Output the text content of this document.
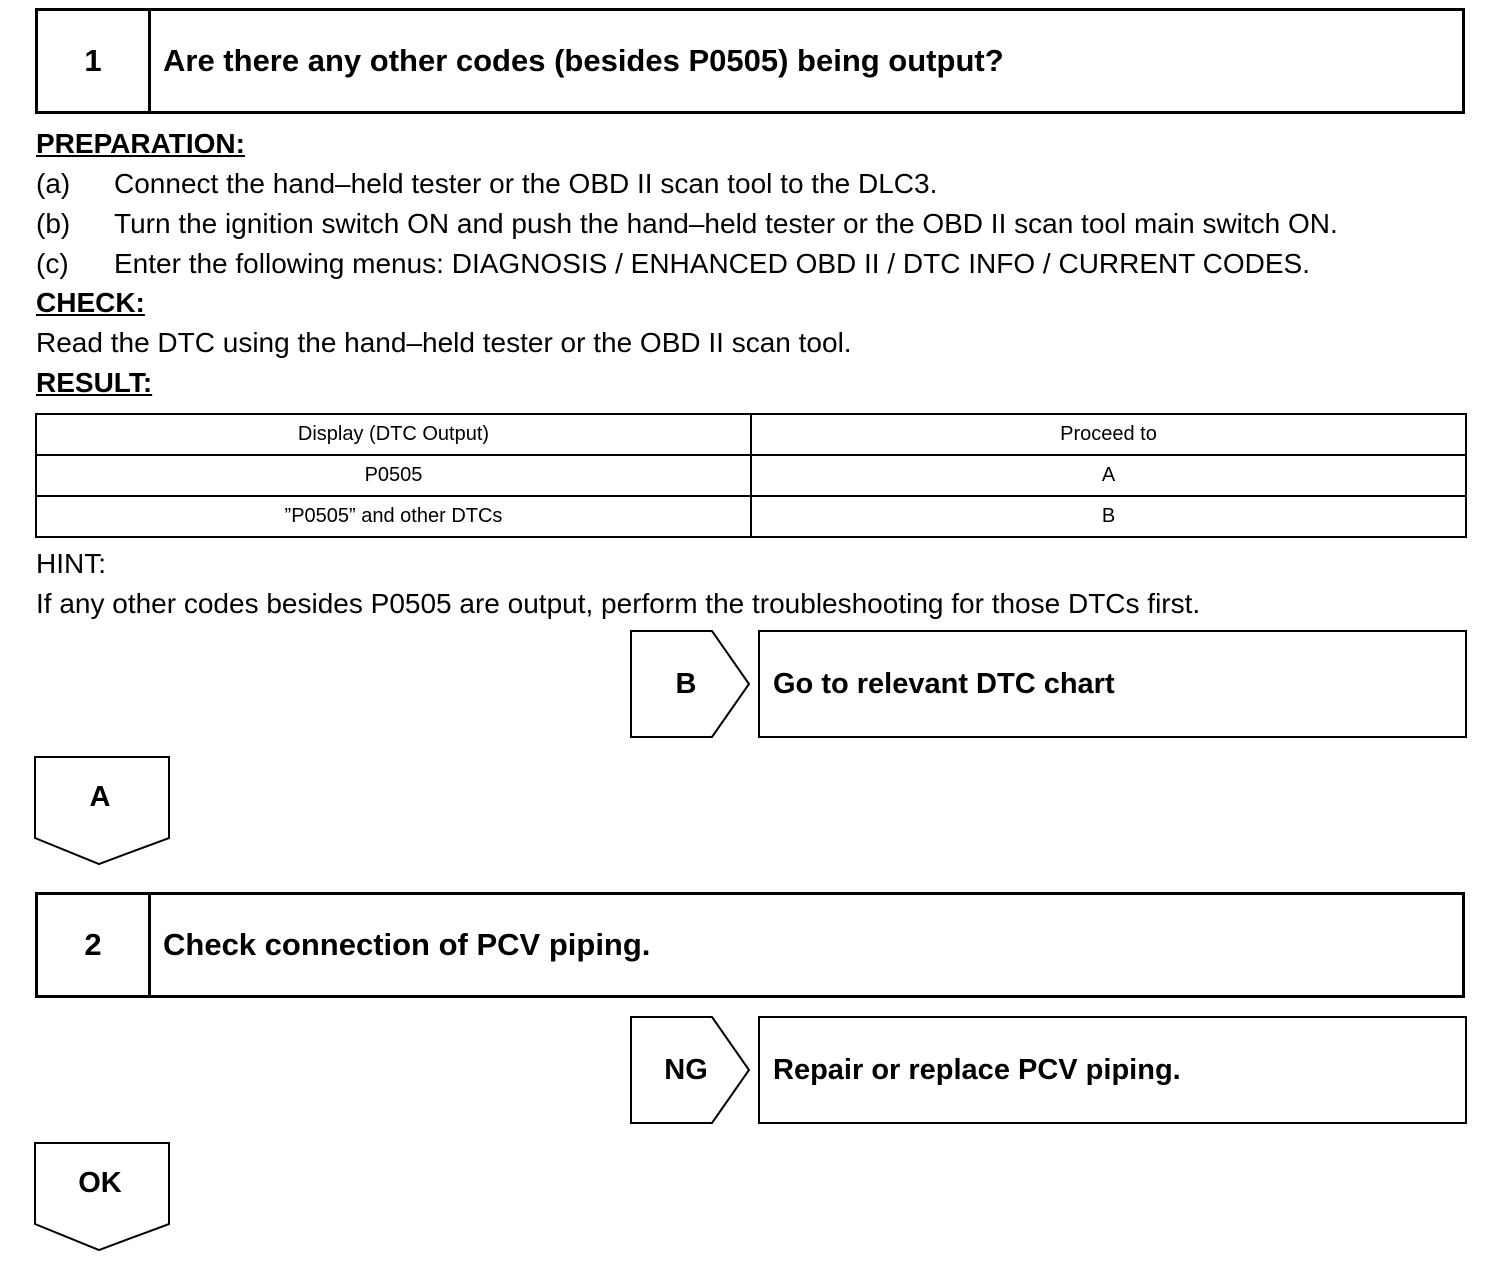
1	Are there any other codes (besides P0505) being output?
PREPARATION:
(a) Connect the hand–held tester or the OBD II scan tool to the DLC3.
(b) Turn the ignition switch ON and push the hand–held tester or the OBD II scan tool main switch ON.
(c) Enter the following menus: DIAGNOSIS / ENHANCED OBD II / DTC INFO / CURRENT CODES.
CHECK:
Read the DTC using the hand–held tester or the OBD II scan tool.
RESULT:
Display (DTC Output)	Proceed to
P0505	A
”P0505” and other DTCs	B
HINT:
If any other codes besides P0505 are output, perform the troubleshooting for those DTCs first.
B	Go to relevant DTC chart
A
2	Check connection of PCV piping.
NG	Repair or replace PCV piping.
OK
